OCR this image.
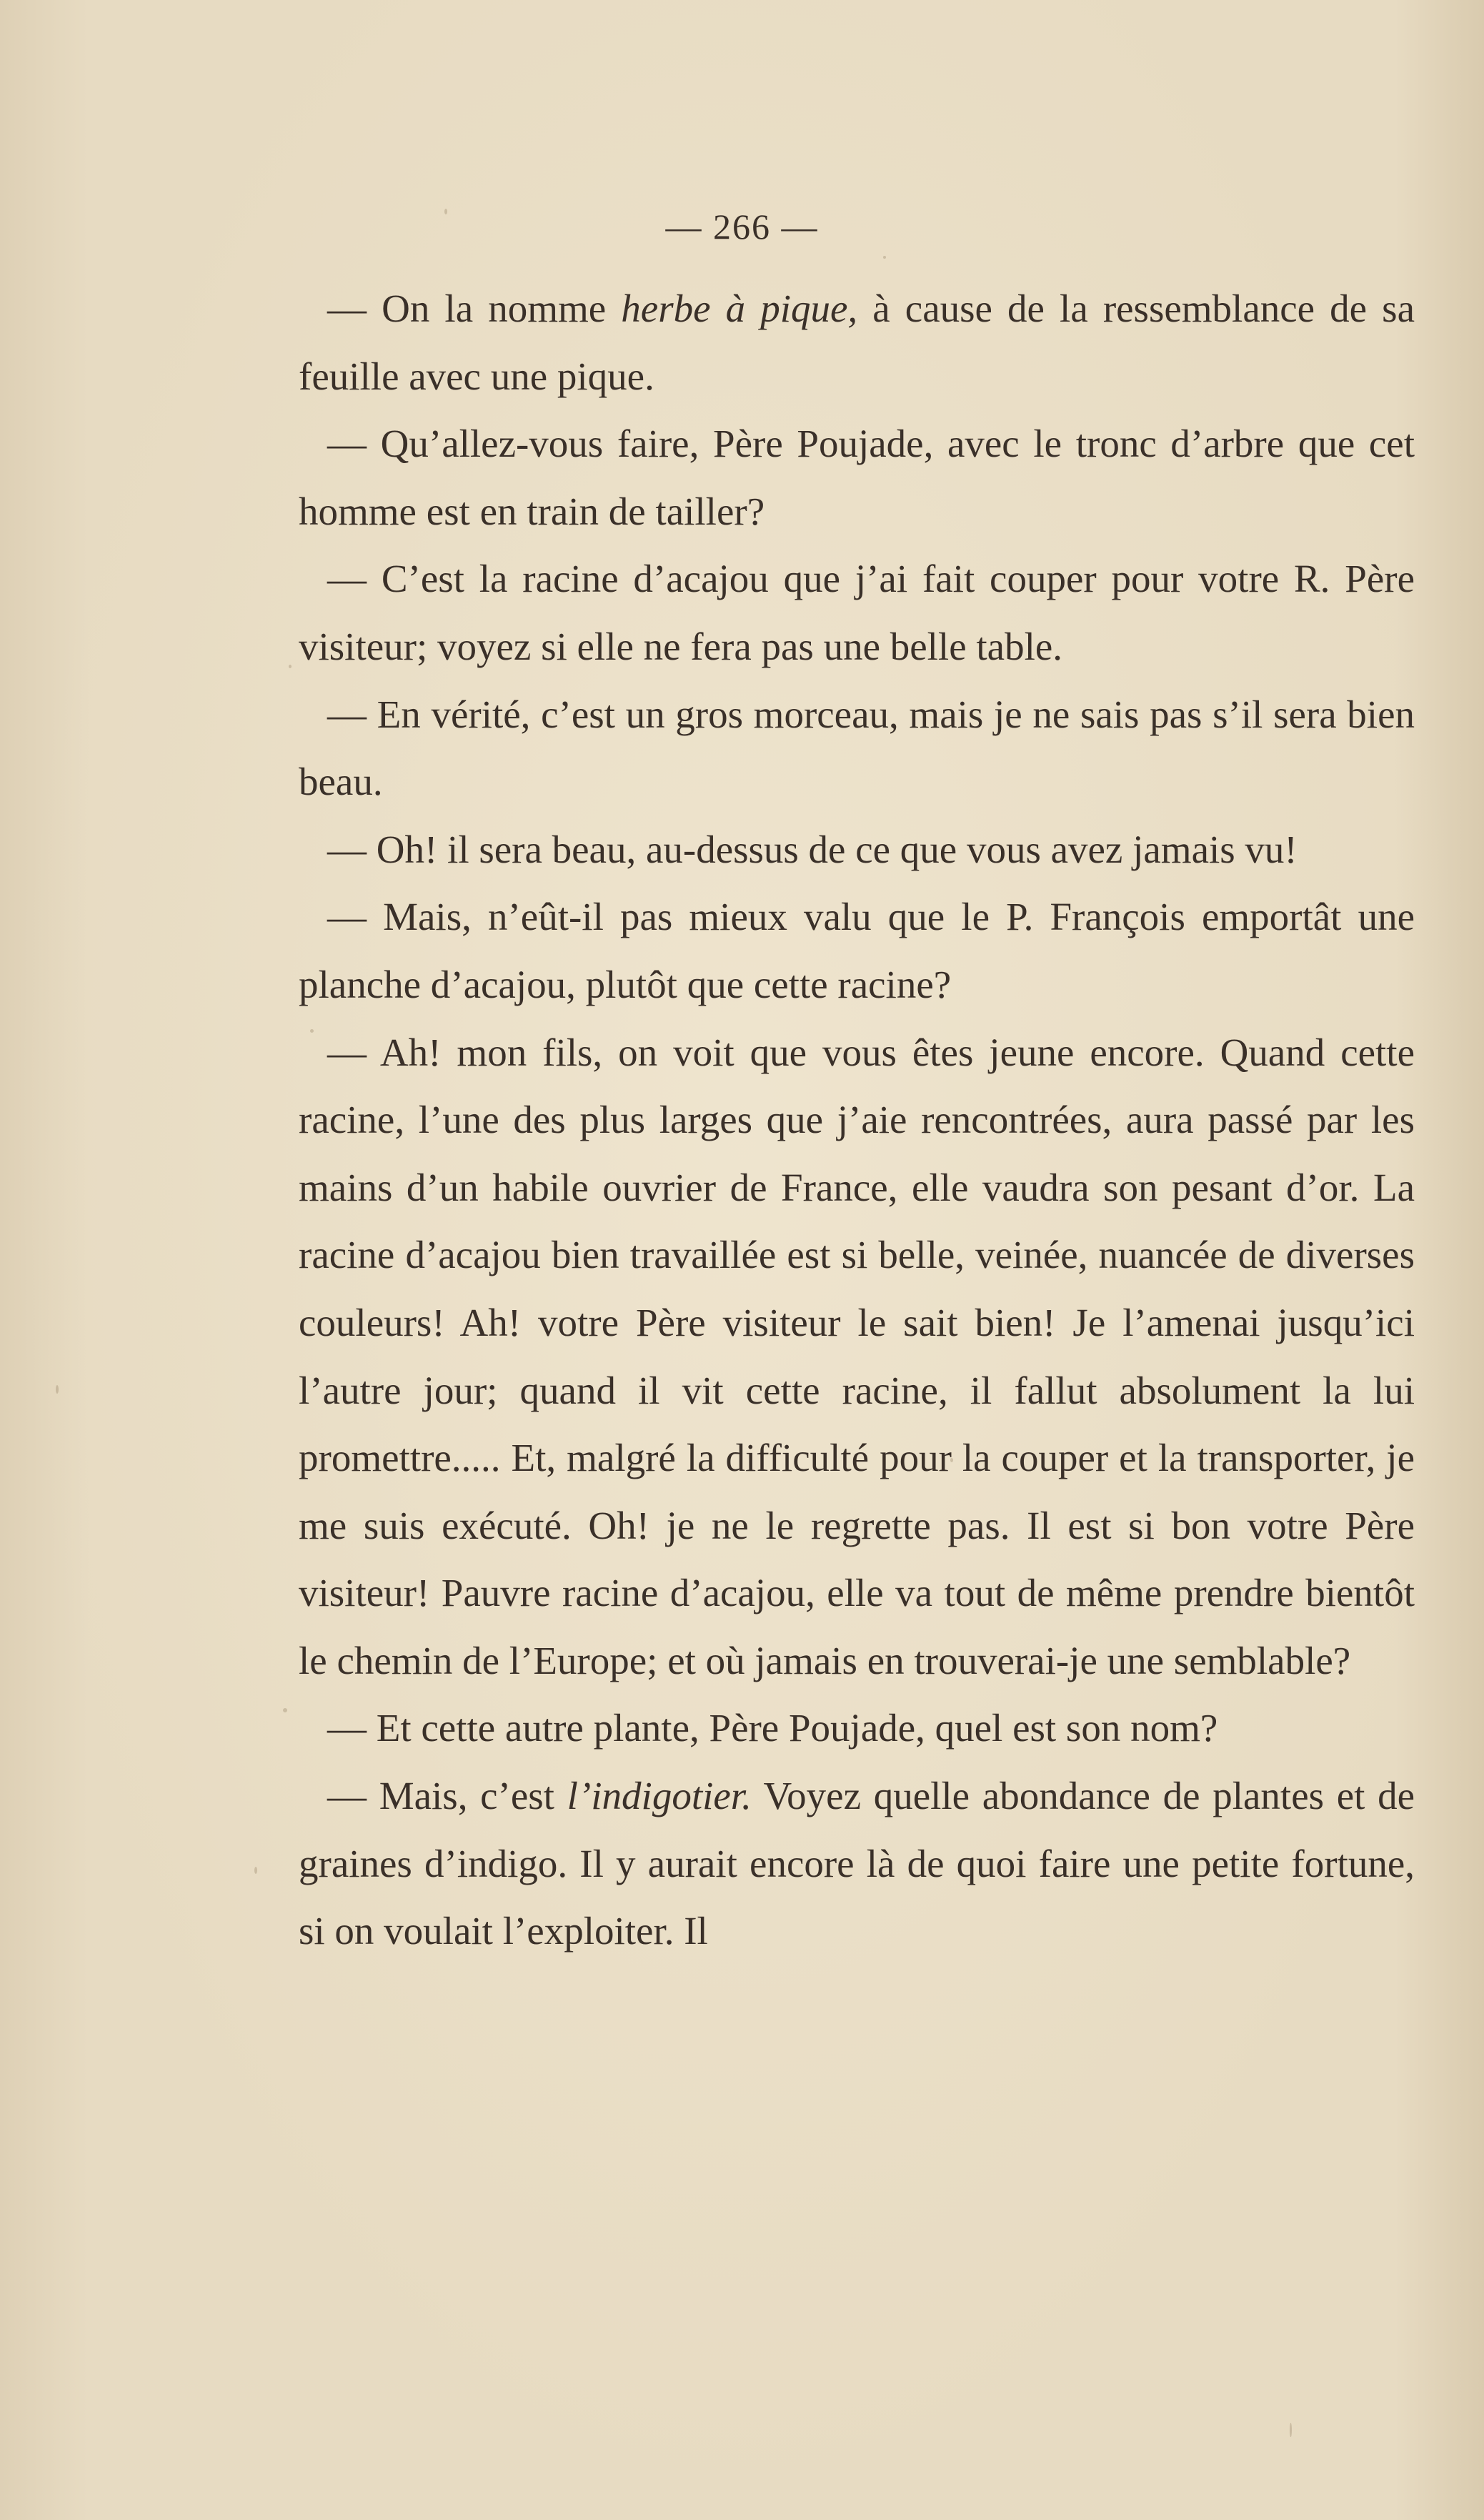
— 266 —

— On la nomme herbe à pique, à cause de la ressemblance de sa feuille avec une pique.

— Qu’allez-vous faire, Père Poujade, avec le tronc d’arbre que cet homme est en train de tailler?

— C’est la racine d’acajou que j’ai fait couper pour votre R. Père visiteur; voyez si elle ne fera pas une belle table.

— En vérité, c’est un gros morceau, mais je ne sais pas s’il sera bien beau.

— Oh! il sera beau, au-dessus de ce que vous avez jamais vu!

— Mais, n’eût-il pas mieux valu que le P. François emportât une planche d’acajou, plutôt que cette racine?

— Ah! mon fils, on voit que vous êtes jeune encore. Quand cette racine, l’une des plus larges que j’aie rencontrées, aura passé par les mains d’un habile ouvrier de France, elle vaudra son pesant d’or. La racine d’acajou bien travaillée est si belle, veinée, nuancée de diverses couleurs! Ah! votre Père visiteur le sait bien! Je l’amenai jusqu’ici l’autre jour; quand il vit cette racine, il fallut absolument la lui promettre..... Et, malgré la difficulté pour la couper et la transporter, je me suis exécuté. Oh! je ne le regrette pas. Il est si bon votre Père visiteur! Pauvre racine d’acajou, elle va tout de même prendre bientôt le chemin de l’Europe; et où jamais en trouverai-je une semblable?

— Et cette autre plante, Père Poujade, quel est son nom?

— Mais, c’est l’indigotier. Voyez quelle abondance de plantes et de graines d’indigo. Il y aurait encore là de quoi faire une petite fortune, si on voulait l’exploiter. Il
